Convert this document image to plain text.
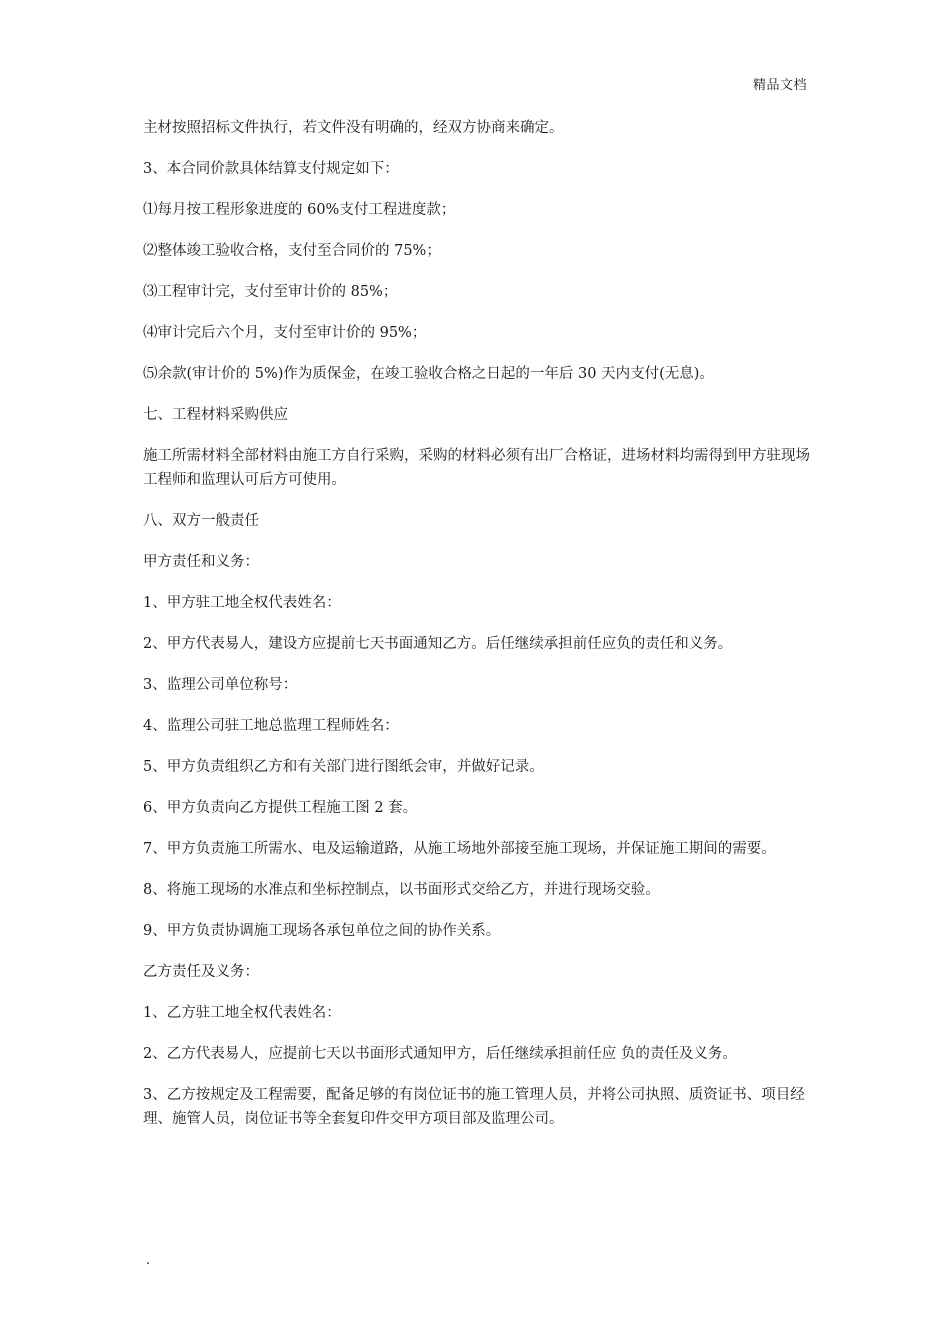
精品文档

主材按照招标文件执行，若文件没有明确的，经双方协商来确定。

3、本合同价款具体结算支付规定如下：

⑴每月按工程形象进度的 60%支付工程进度款；

⑵整体竣工验收合格，支付至合同价的 75%；

⑶工程审计完，支付至审计价的 85%；

⑷审计完后六个月，支付至审计价的 95%；

⑸余款(审计价的 5%)作为质保金，在竣工验收合格之日起的一年后 30 天内支付(无息)。

七、工程材料采购供应

施工所需材料全部材料由施工方自行采购，采购的材料必须有出厂合格证，进场材料均需得到甲方驻现场工程师和监理认可后方可使用。

八、双方一般责任

甲方责任和义务：

1、甲方驻工地全权代表姓名：

2、甲方代表易人，建设方应提前七天书面通知乙方。后任继续承担前任应负的责任和义务。

3、监理公司单位称号：

4、监理公司驻工地总监理工程师姓名：

5、甲方负责组织乙方和有关部门进行图纸会审，并做好记录。

6、甲方负责向乙方提供工程施工图 2 套。

7、甲方负责施工所需水、电及运输道路，从施工场地外部接至施工现场，并保证施工期间的需要。

8、将施工现场的水准点和坐标控制点，以书面形式交给乙方，并进行现场交验。

9、甲方负责协调施工现场各承包单位之间的协作关系。

乙方责任及义务：

1、乙方驻工地全权代表姓名：

2、乙方代表易人，应提前七天以书面形式通知甲方，后任继续承担前任应 负的责任及义务。

3、乙方按规定及工程需要，配备足够的有岗位证书的施工管理人员，并将公司执照、质资证书、项目经理、施管人员，岗位证书等全套复印件交甲方项目部及监理公司。

.
